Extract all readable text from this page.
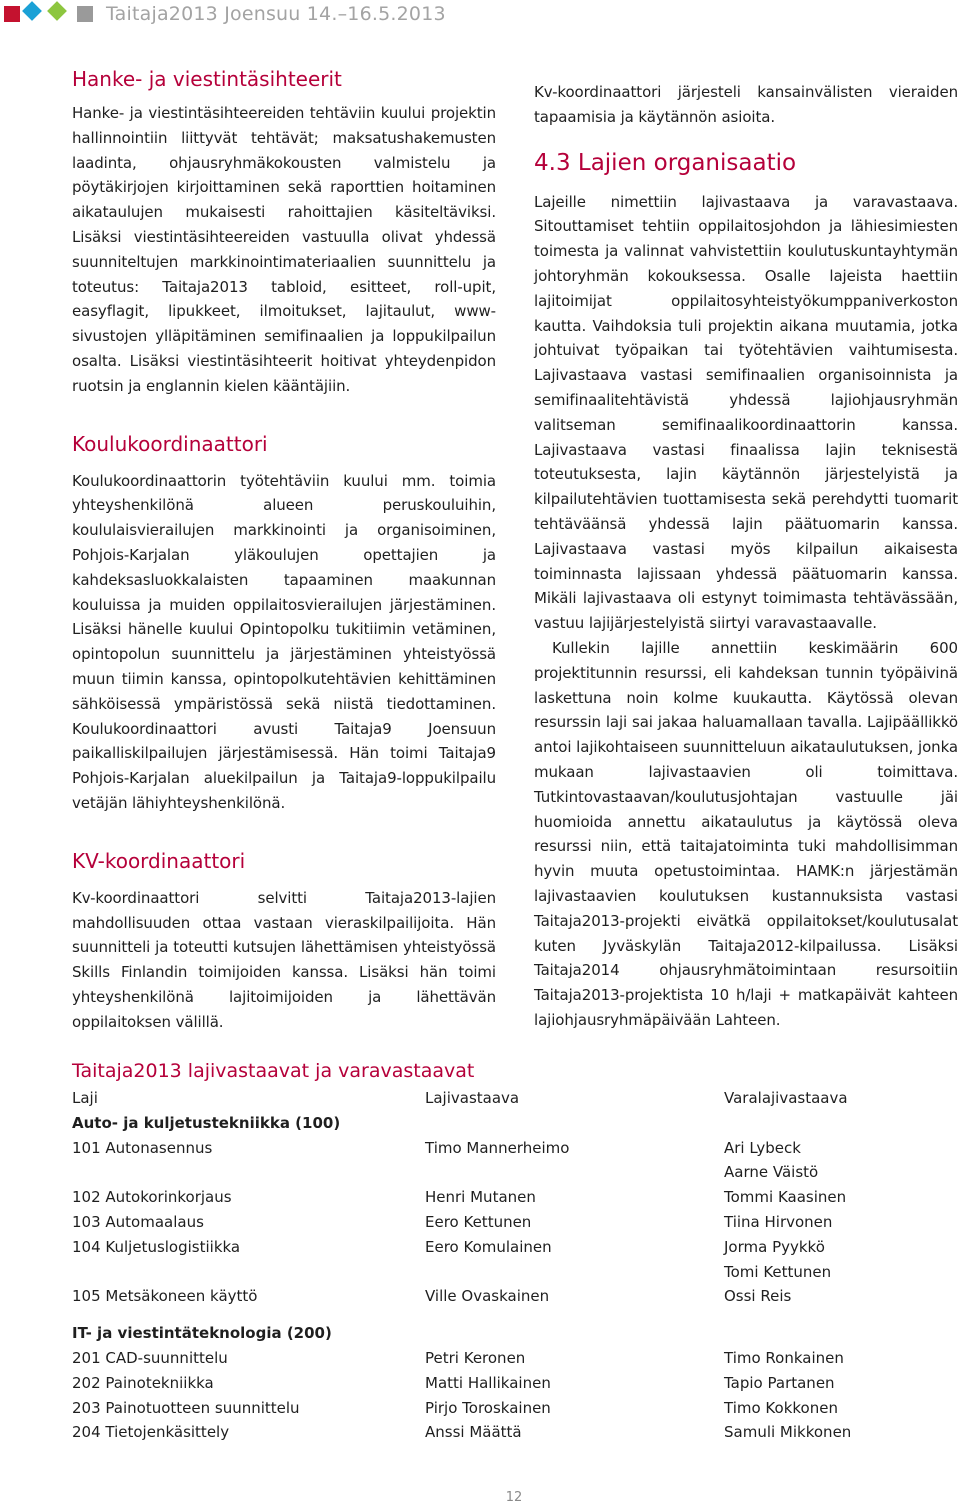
Taitaja2013 Joensuu 14.–16.5.2013
Hanke- ja viestintäsihteerit

Hanke- ja viestintäsihteereiden tehtäviin kuului projektin hallinnointiin liittyvät tehtävät; maksatushakemusten laadinta, ohjausryhmäkokousten valmistelu ja pöytäkirjojen kirjoittaminen sekä raporttien hoitaminen aikataulujen mukaisesti rahoittajien käsiteltäviksi. Lisäksi viestintäsihteereiden vastuulla olivat yhdessä suunniteltujen markkinointimateriaalien suunnittelu ja toteutus: Taitaja2013 tabloid, esitteet, roll-upit, easyflagit, lipukkeet, ilmoitukset, lajitaulut, www-sivustojen ylläpitäminen semifinaalien ja loppukilpailun osalta. Lisäksi viestintäsihteerit hoitivat yhteydenpidon ruotsin ja englannin kielen kääntäjiin.

Koulukoordinaattori

Koulukoordinaattorin työtehtäviin kuului mm. toimia yhteyshenkilönä alueen peruskouluihin, koululaisvierailujen markkinointi ja organisoiminen, Pohjois-Karjalan yläkoulujen opettajien ja kahdeksasluokkalaisten tapaaminen maakunnan kouluissa ja muiden oppilaitosvierailujen järjestäminen. Lisäksi hänelle kuului Opintopolku tukitiimin vetäminen, opintopolun suunnittelu ja järjestäminen yhteistyössä muun tiimin kanssa, opintopolkutehtävien kehittäminen sähköisessä ympäristössä sekä niistä tiedottaminen. Koulukoordinaattori avusti Taitaja9 Joensuun paikalliskilpailujen järjestämisessä. Hän toimi Taitaja9 Pohjois-Karjalan aluekilpailun ja Taitaja9-loppukilpailu vetäjän lähiyhteyshenkilönä.

KV-koordinaattori

Kv-koordinaattori selvitti Taitaja2013-lajien mahdollisuuden ottaa vastaan vieraskilpailijoita. Hän suunnitteli ja toteutti kutsujen lähettämisen yhteistyössä Skills Finlandin toimijoiden kanssa. Lisäksi hän toimi yhteyshenkilönä lajitoimijoiden ja lähettävän oppilaitoksen välillä.

Kv-koordinaattori järjesteli kansainvälisten vieraiden tapaamisia ja käytännön asioita.

4.3 Lajien organisaatio

Lajeille nimettiin lajivastaava ja varavastaava. Sitouttamiset tehtiin oppilaitosjohdon ja lähiesimiesten toimesta ja valinnat vahvistettiin koulutuskuntayhtymän johtoryhmän kokouksessa. Osalle lajeista haettiin lajitoimijat oppilaitosyhteistyökumppaniverkoston kautta. Vaihdoksia tuli projektin aikana muutamia, jotka johtuivat työpaikan tai työtehtävien vaihtumisesta. Lajivastaava vastasi semifinaalien organisoinnista ja semifinaalitehtävistä yhdessä lajiohjausryhmän valitseman semifinaalikoordinaattorin kanssa. Lajivastaava vastasi finaalissa lajin teknisestä toteutuksesta, lajin käytännön järjestelyistä ja kilpailutehtävien tuottamisesta sekä perehdytti tuomarit tehtäväänsä yhdessä lajin päätuomarin kanssa. Lajivastaava vastasi myös kilpailun aikaisesta toiminnasta lajissaan yhdessä päätuomarin kanssa. Mikäli lajivastaava oli estynyt toimimasta tehtävässään, vastuu lajijärjestelyistä siirtyi varavastaavalle.

Kullekin lajille annettiin keskimäärin 600 projektitunnin resurssi, eli kahdeksan tunnin työpäivinä laskettuna noin kolme kuukautta. Käytössä olevan resurssin laji sai jakaa haluamallaan tavalla. Lajipäällikkö antoi lajikohtaiseen suunnitteluun aikataulutuksen, jonka mukaan lajivastaavien oli toimittava. Tutkintovastaavan/koulutusjohtajan vastuulle jäi huomioida annettu aikataulutus ja käytössä oleva resurssi niin, että taitajatoiminta tuki mahdollisimman hyvin muuta opetustoimintaa. HAMK:n järjestämän lajivastaavien koulutuksen kustannuksista vastasi Taitaja2013-projekti eivätkä oppilaitokset/koulutusalat kuten Jyväskylän Taitaja2012-kilpailussa. Lisäksi Taitaja2014 ohjausryhmätoimintaan resursoitiin Taitaja2013-projektista 10 h/laji + matkapäivät kahteen lajiohjausryhmäpäivään Lahteen.

Taitaja2013 lajivastaavat ja varavastaavat
Laji	Lajivastaava	Varalajivastaava
Auto- ja kuljetustekniikka (100)
101 Autonasennus	Timo Mannerheimo	Ari Lybeck
Aarne Väistö
102 Autokorinkorjaus	Henri Mutanen	Tommi Kaasinen
103 Automaalaus	Eero Kettunen	Tiina Hirvonen
104 Kuljetuslogistiikka	Eero Komulainen	Jorma Pyykkö
Tomi Kettunen
105 Metsäkoneen käyttö	Ville Ovaskainen	Ossi Reis
IT- ja viestintäteknologia (200)
201 CAD-suunnittelu	Petri Keronen	Timo Ronkainen
202 Painotekniikka	Matti Hallikainen	Tapio Partanen
203 Painotuotteen suunnittelu	Pirjo Toroskainen	Timo Kokkonen
204 Tietojenkäsittely	Anssi Määttä	Samuli Mikkonen
12
